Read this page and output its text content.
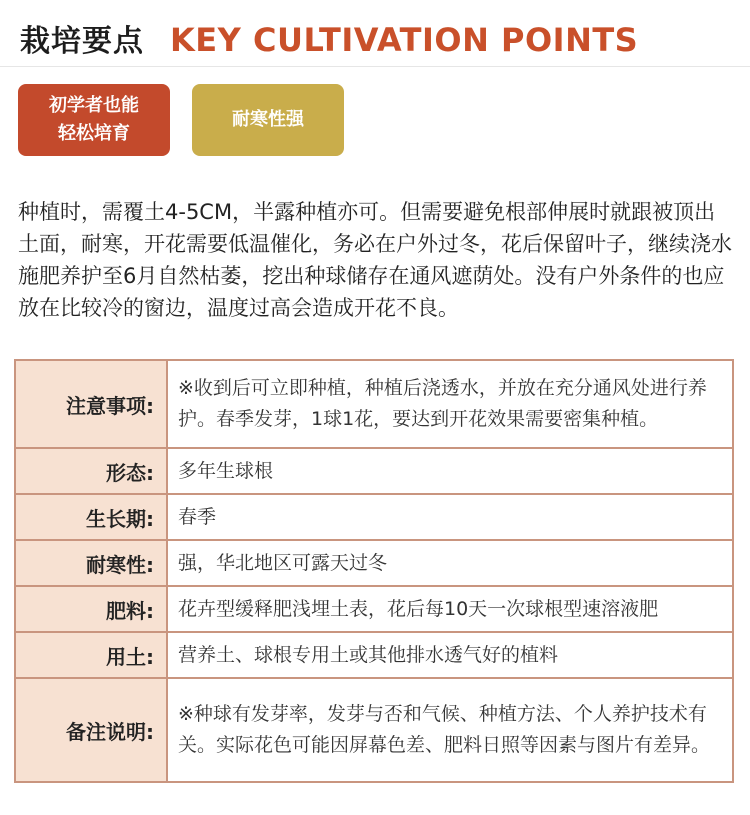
栽培要点 KEY CULTIVATION POINTS
初学者也能
轻松培育
耐寒性强

种植时，需覆土4-5CM，半露种植亦可。但需要避免根部伸展时就跟被顶出土面，耐寒，开花需要低温催化，务必在户外过冬，花后保留叶子，继续浇水施肥养护至6月自然枯萎，挖出种球储存在通风遮荫处。没有户外条件的也应放在比较冷的窗边，温度过高会造成开花不良。

注意事项:	※收到后可立即种植，种植后浇透水，并放在充分通风处进行养护。春季发芽，1球1花，要达到开花效果需要密集种植。
形态:	多年生球根
生长期:	春季
耐寒性:	强，华北地区可露天过冬
肥料:	花卉型缓释肥浅埋土表，花后每10天一次球根型速溶液肥
用土:	营养土、球根专用土或其他排水透气好的植料
备注说明:	※种球有发芽率，发芽与否和气候、种植方法、个人养护技术有关。实际花色可能因屏幕色差、肥料日照等因素与图片有差异。
